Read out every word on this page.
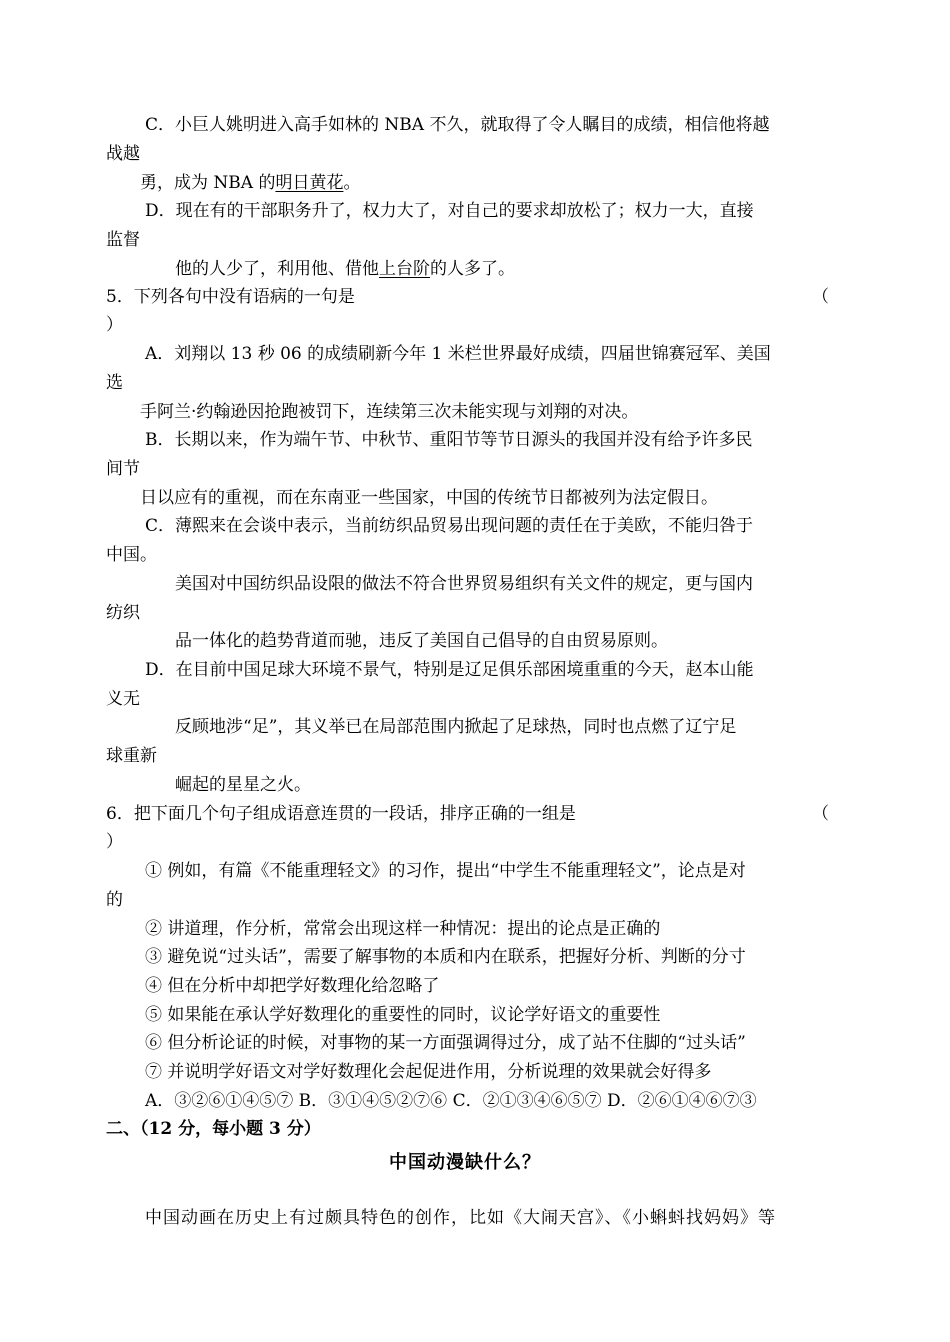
C．小巨人姚明进入高手如林的 NBA 不久，就取得了令人瞩目的成绩，相信他将越
战越
勇，成为 NBA 的明日黄花。
D．现在有的干部职务升了，权力大了，对自己的要求却放松了；权力一大，直接
监督
他的人少了，利用他、借他上台阶的人多了。
5．下列各句中没有语病的一句是	（
）
A．刘翔以 13 秒 06 的成绩刷新今年 1 米栏世界最好成绩，四届世锦赛冠军、美国
选
手阿兰·约翰逊因抢跑被罚下，连续第三次未能实现与刘翔的对决。
B．长期以来，作为端午节、中秋节、重阳节等节日源头的我国并没有给予许多民
间节
日以应有的重视，而在东南亚一些国家，中国的传统节日都被列为法定假日。
C．薄熙来在会谈中表示，当前纺织品贸易出现问题的责任在于美欧，不能归咎于
中国。
美国对中国纺织品设限的做法不符合世界贸易组织有关文件的规定，更与国内
纺织
品一体化的趋势背道而驰，违反了美国自己倡导的自由贸易原则。
D．在目前中国足球大环境不景气，特别是辽足俱乐部困境重重的今天，赵本山能
义无
反顾地涉“足”，其义举已在局部范围内掀起了足球热，同时也点燃了辽宁足
球重新
崛起的星星之火。
6．把下面几个句子组成语意连贯的一段话，排序正确的一组是	（
）
① 例如，有篇《不能重理轻文》的习作，提出“中学生不能重理轻文”，论点是对
的
② 讲道理，作分析，常常会出现这样一种情况：提出的论点是正确的
③ 避免说“过头话”，需要了解事物的本质和内在联系，把握好分析、判断的分寸
④ 但在分析中却把学好数理化给忽略了
⑤ 如果能在承认学好数理化的重要性的同时，议论学好语文的重要性
⑥ 但分析论证的时候，对事物的某一方面强调得过分，成了站不住脚的“过头话”
⑦ 并说明学好语文对学好数理化会起促进作用，分析说理的效果就会好得多
A．③②⑥①④⑤⑦ B．③①④⑤②⑦⑥ C．②①③④⑥⑤⑦ D．②⑥①④⑥⑦③
二、（12 分，每小题 3 分）
中国动漫缺什么？
中国动画在历史上有过颇具特色的创作，比如《大闹天宫》、《小蝌蚪找妈妈》等
